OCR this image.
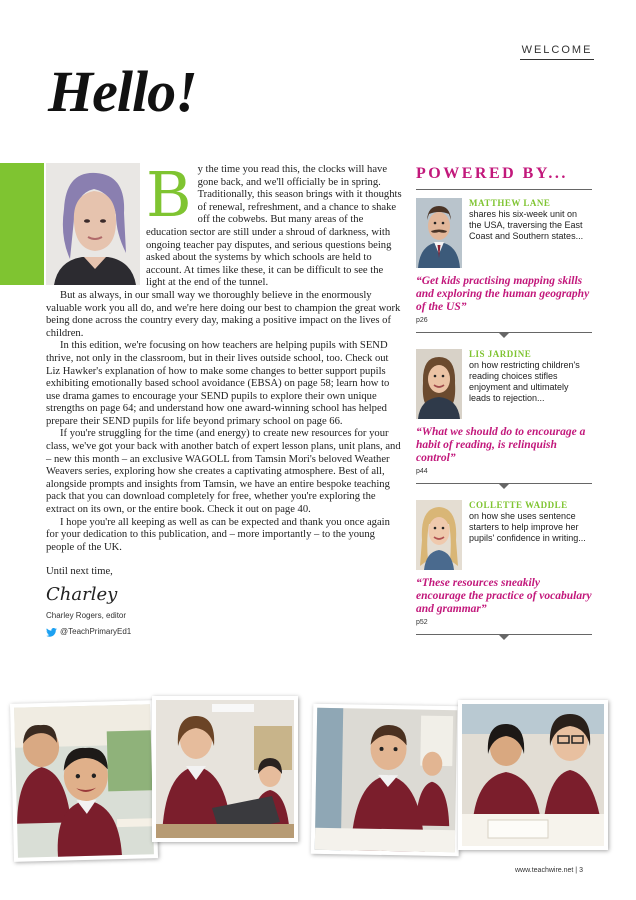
WELCOME
Hello!

By the time you read this, the clocks will have gone back, and we'll officially be in spring. Traditionally, this season brings with it thoughts of renewal, refreshment, and a chance to shake off the cobwebs. But many areas of the education sector are still under a shroud of darkness, with ongoing teacher pay disputes, and serious questions being asked about the systems by which schools are held to account. At times like these, it can be difficult to see the light at the end of the tunnel.

But as always, in our small way we thoroughly believe in the enormously valuable work you all do, and we're here doing our best to champion the great work being done across the country every day, making a positive impact on the lives of children.

In this edition, we're focusing on how teachers are helping pupils with SEND thrive, not only in the classroom, but in their lives outside school, too. Check out Liz Hawker's explanation of how to make some changes to better support pupils exhibiting emotionally based school avoidance (EBSA) on page 58; learn how to use drama games to encourage your SEND pupils to explore their own unique strengths on page 64; and understand how one award-winning school has helped prepare their SEND pupils for life beyond primary school on page 66.

If you're struggling for the time (and energy) to create new resources for your class, we've got your back with another batch of expert lesson plans, unit plans, and – new this month – an exclusive WAGOLL from Tamsin Mori's beloved Weather Weavers series, exploring how she creates a captivating atmosphere. Best of all, alongside prompts and insights from Tamsin, we have an entire bespoke teaching pack that you can download completely for free, whether you're exploring the extract on its own, or the entire book. Check it out on page 40.

I hope you're all keeping as well as can be expected and thank you once again for your dedication to this publication, and – more importantly – to the young people of the UK.

Until next time,

Charley
Charley Rogers, editor
@TeachPrimaryEd1
POWERED BY...
MATTHEW LANE
shares his six-week unit on the USA, traversing the East Coast and Southern states...
“Get kids practising mapping skills and exploring the human geography of the US”
p26
LIS JARDINE
on how restricting children's reading choices stifles enjoyment and ultimately leads to rejection...
“What we should do to encourage a habit of reading, is relinquish control”
p44
COLLETTE WADDLE
on how she uses sentence starters to help improve her pupils' confidence in writing...
“These resources sneakily encourage the practice of vocabulary and grammar”
p52
www.teachwire.net | 3
